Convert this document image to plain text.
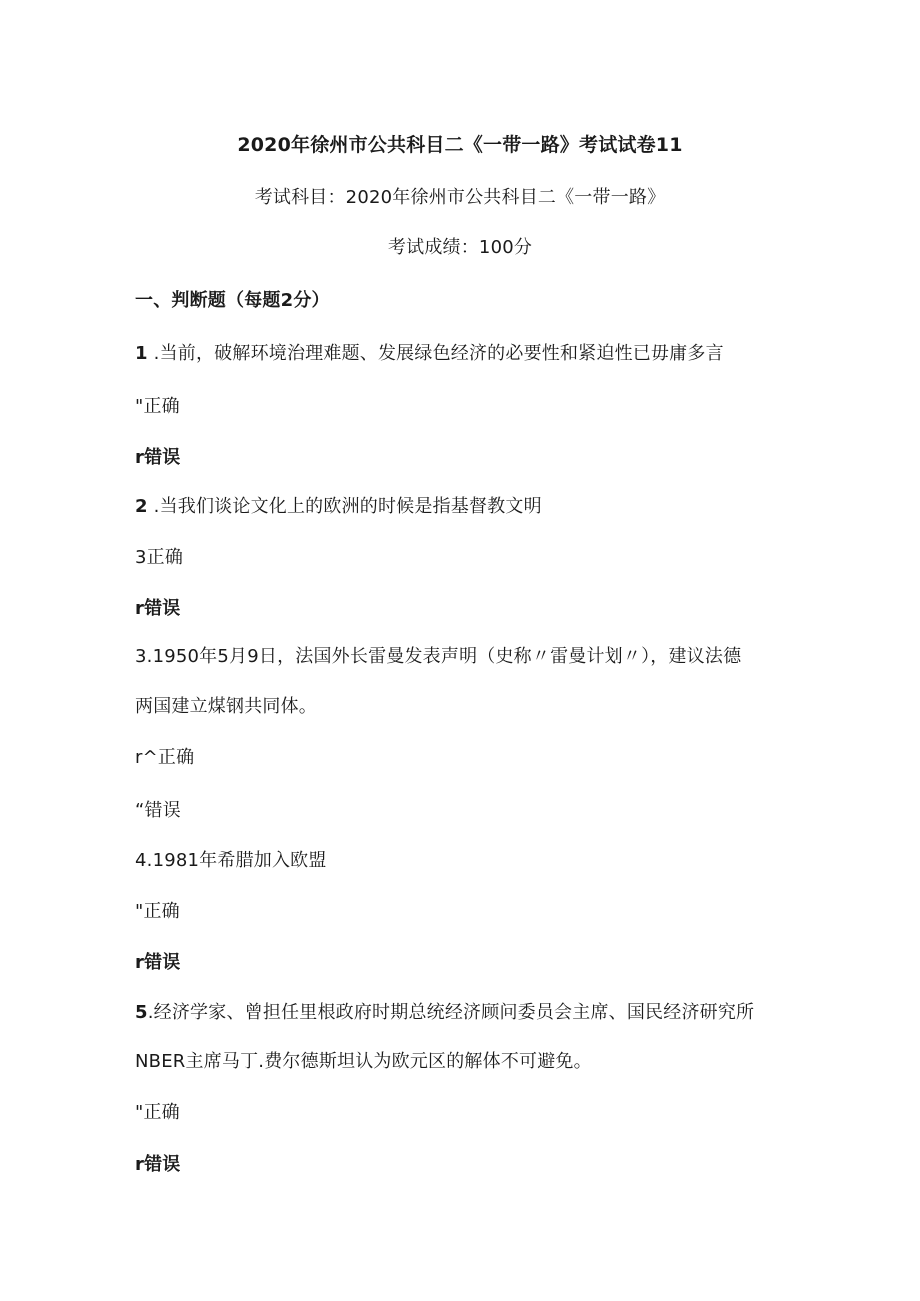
2020年徐州市公共科目二《一带一路》考试试卷11
考试科目：2020年徐州市公共科目二《一带一路》
考试成绩：100分
一、判断题（每题2分）
1 .当前，破解环境治理难题、发展绿色经济的必要性和紧迫性已毋庸多言
"正确
r错误
2 .当我们谈论文化上的欧洲的时候是指基督教文明
3正确
r错误
3.1950年5月9日，法国外长雷曼发表声明（史称〃雷曼计划〃），建议法德
两国建立煤钢共同体。
r^正确
“错误
4.1981年希腊加入欧盟
"正确
r错误
5.经济学家、曾担任里根政府时期总统经济顾问委员会主席、国民经济研究所
NBER主席马丁.费尔德斯坦认为欧元区的解体不可避免。
"正确
r错误
